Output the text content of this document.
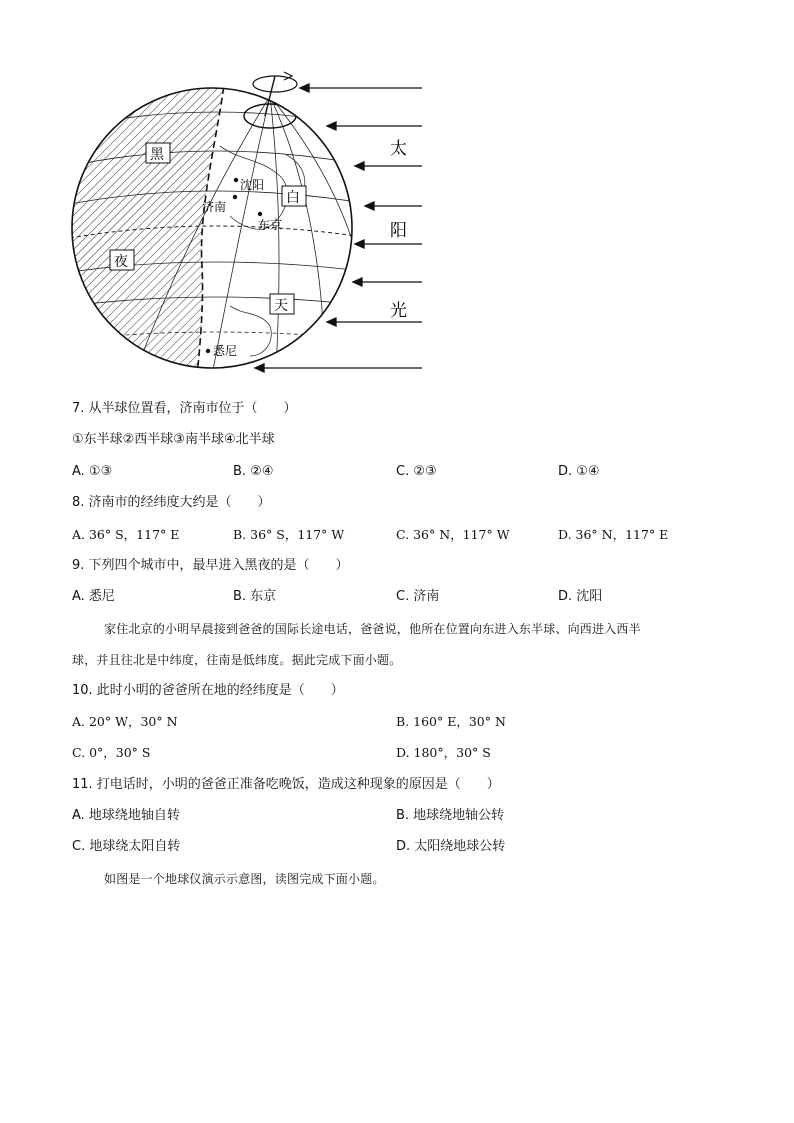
太
阳
光
黑
白
夜
天
沈阳
济南
东京
悉尼
7. 从半球位置看，济南市位于（　　）
①东半球②西半球③南半球④北半球
A. ①③	B. ②④	C. ②③	D. ①④
8. 济南市的经纬度大约是（　　）
A. 36° S，117° E	B. 36° S，117° W	C. 36° N，117° W	D. 36° N，117° E
9. 下列四个城市中，最早进入黑夜的是（　　）
A. 悉尼	B. 东京	C. 济南	D. 沈阳
家住北京的小明早晨接到爸爸的国际长途电话，爸爸说，他所在位置向东进入东半球、向西进入西半
球，并且往北是中纬度，往南是低纬度。据此完成下面小题。
10. 此时小明的爸爸所在地的经纬度是（　　）
A. 20° W，30° N	B. 160° E，30° N
C. 0°，30° S	D. 180°，30° S
11. 打电话时，小明的爸爸正准备吃晚饭，造成这种现象的原因是（　　）
A. 地球绕地轴自转	B. 地球绕地轴公转
C. 地球绕太阳自转	D. 太阳绕地球公转
如图是一个地球仪演示示意图，读图完成下面小题。
